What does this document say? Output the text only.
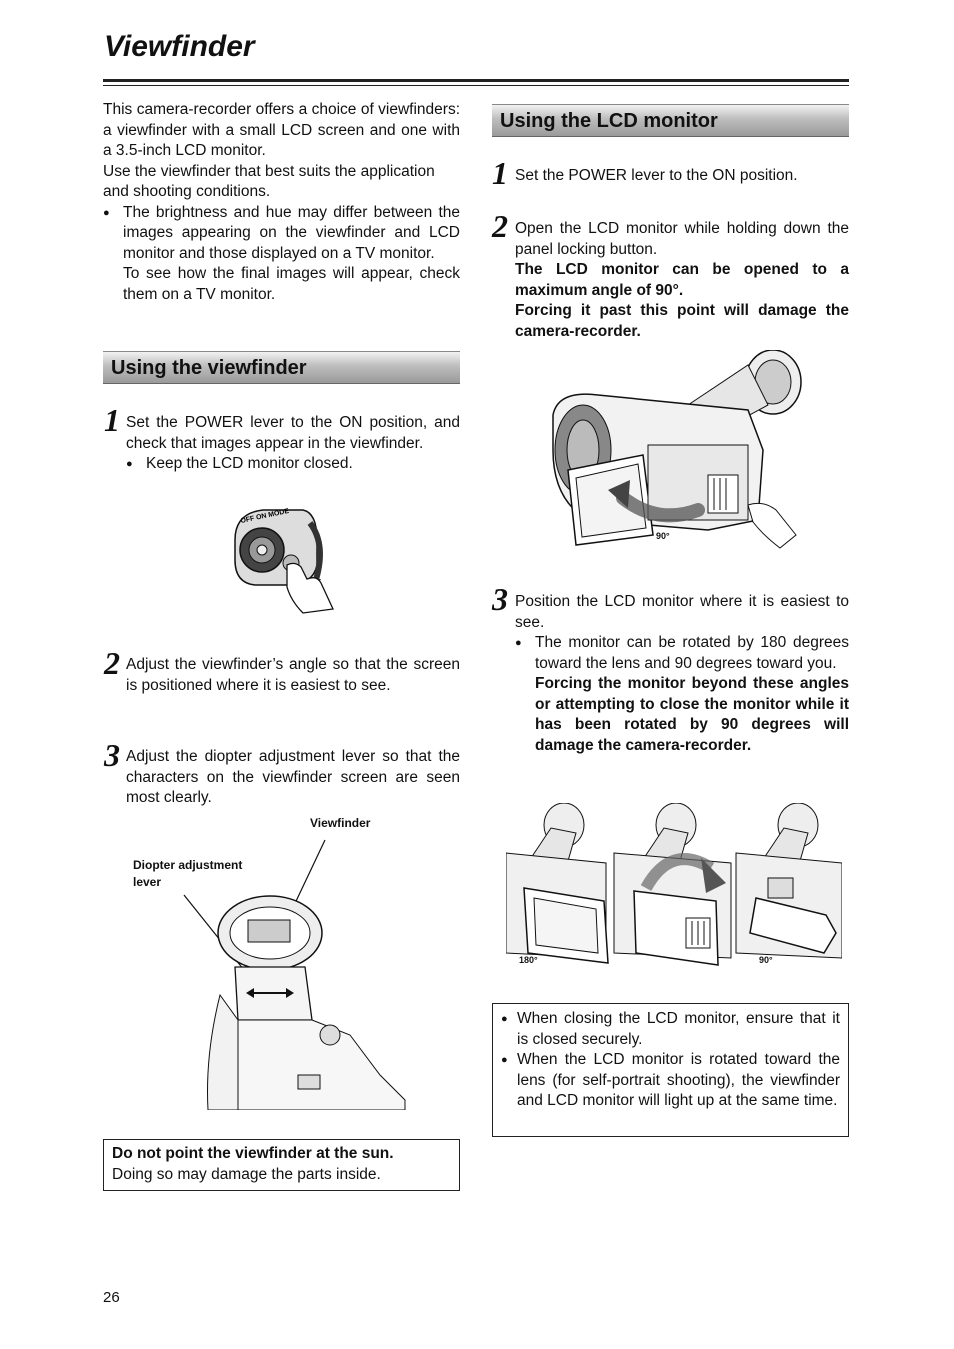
Viewfinder
This camera-recorder offers a choice of viewfinders: a viewfinder with a small LCD screen and one with a 3.5-inch LCD monitor.
Use the viewfinder that best suits the application and shooting conditions.
● The brightness and hue may differ between the images appearing on the viewfinder and LCD monitor and those displayed on a TV monitor.
To see how the final images will appear, check them on a TV monitor.
Using the viewfinder
1 Set the POWER lever to the ON position, and check that images appear in the viewfinder.
● Keep the LCD monitor closed.
OFF ON MODE
2 Adjust the viewfinder’s angle so that the screen is positioned where it is easiest to see.
3 Adjust the diopter adjustment lever so that the characters on the viewfinder screen are seen most clearly.
Viewfinder
Diopter adjustment lever
Do not point the viewfinder at the sun.
Doing so may damage the parts inside.
26
Using the LCD monitor
1 Set the POWER lever to the ON position.
2 Open the LCD monitor while holding down the panel locking button.
The LCD monitor can be opened to a maximum angle of 90°.
Forcing it past this point will damage the camera-recorder.
90°
3 Position the LCD monitor where it is easiest to see.
● The monitor can be rotated by 180 degrees toward the lens and 90 degrees toward you.
Forcing the monitor beyond these angles or attempting to close the monitor while it has been rotated by 90 degrees will damage the camera-recorder.
180°	90°
● When closing the LCD monitor, ensure that it is closed securely.
● When the LCD monitor is rotated toward the lens (for self-portrait shooting), the viewfinder and LCD monitor will light up at the same time.
